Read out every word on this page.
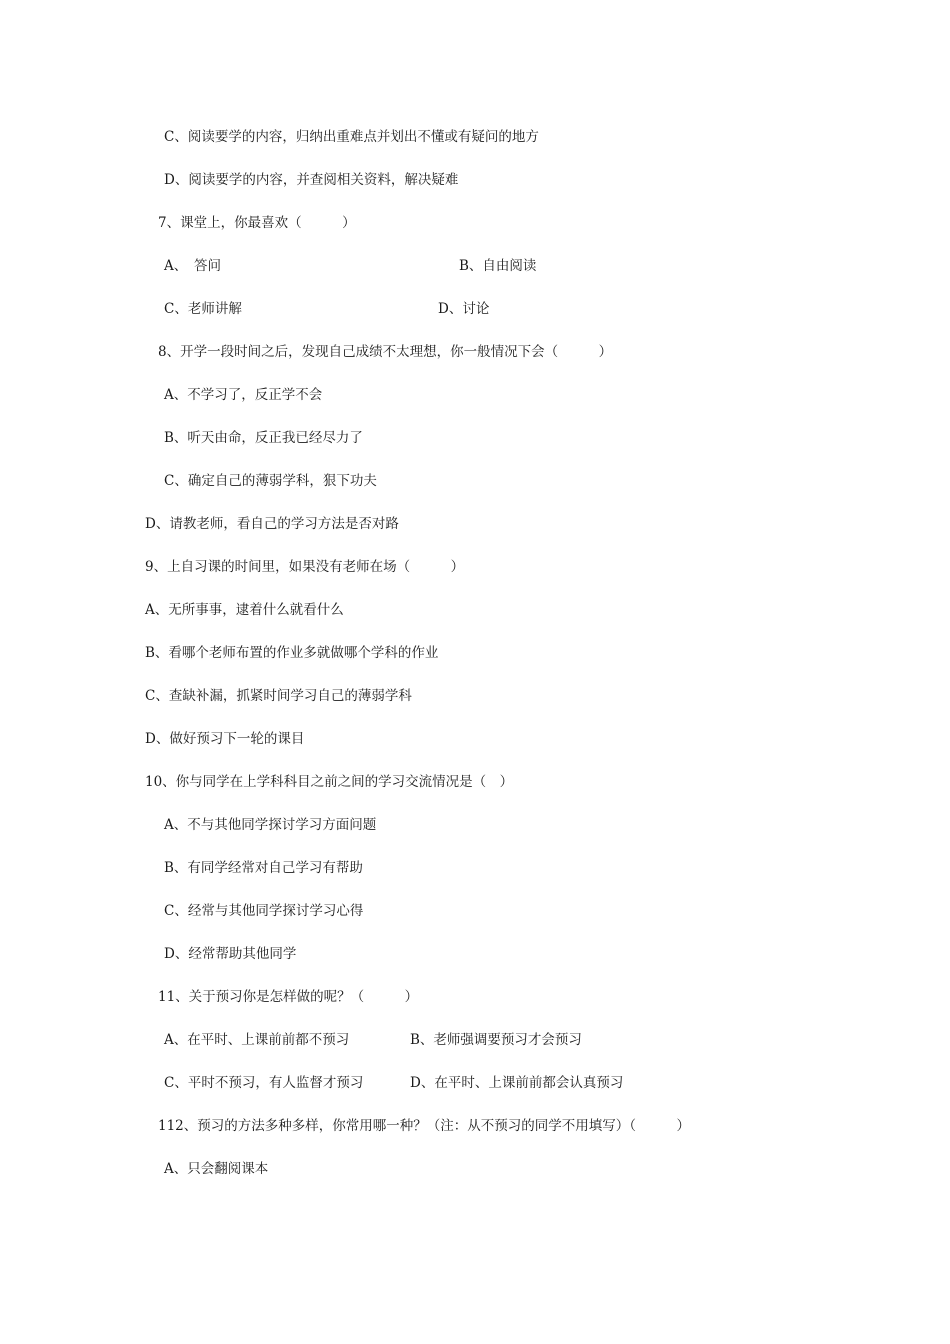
C、阅读要学的内容，归纳出重难点并划出不懂或有疑问的地方
D、阅读要学的内容，并查阅相关资料，解决疑难
7、课堂上，你最喜欢（　　　）
A、　答问	B、自由阅读
C、老师讲解	D、讨论
8、开学一段时间之后，发现自己成绩不太理想，你一般情况下会（　　　）
A、不学习了，反正学不会
B、听天由命，反正我已经尽力了
C、确定自己的薄弱学科，狠下功夫
D、请教老师，看自己的学习方法是否对路
9、上自习课的时间里，如果没有老师在场（　　　）
A、无所事事，逮着什么就看什么
B、看哪个老师布置的作业多就做哪个学科的作业
C、查缺补漏，抓紧时间学习自己的薄弱学科
D、做好预习下一轮的课目
10、你与同学在上学科科目之前之间的学习交流情况是（　）
A、不与其他同学探讨学习方面问题
B、有同学经常对自己学习有帮助
C、经常与其他同学探讨学习心得
D、经常帮助其他同学
11、关于预习你是怎样做的呢？（　　　）
A、在平时、上课前前都不预习	B、老师强调要预习才会预习
C、平时不预习，有人监督才预习	D、在平时、上课前前都会认真预习
112、预习的方法多种多样，你常用哪一种？（注：从不预习的同学不用填写）（　　　）
A、只会翻阅课本
